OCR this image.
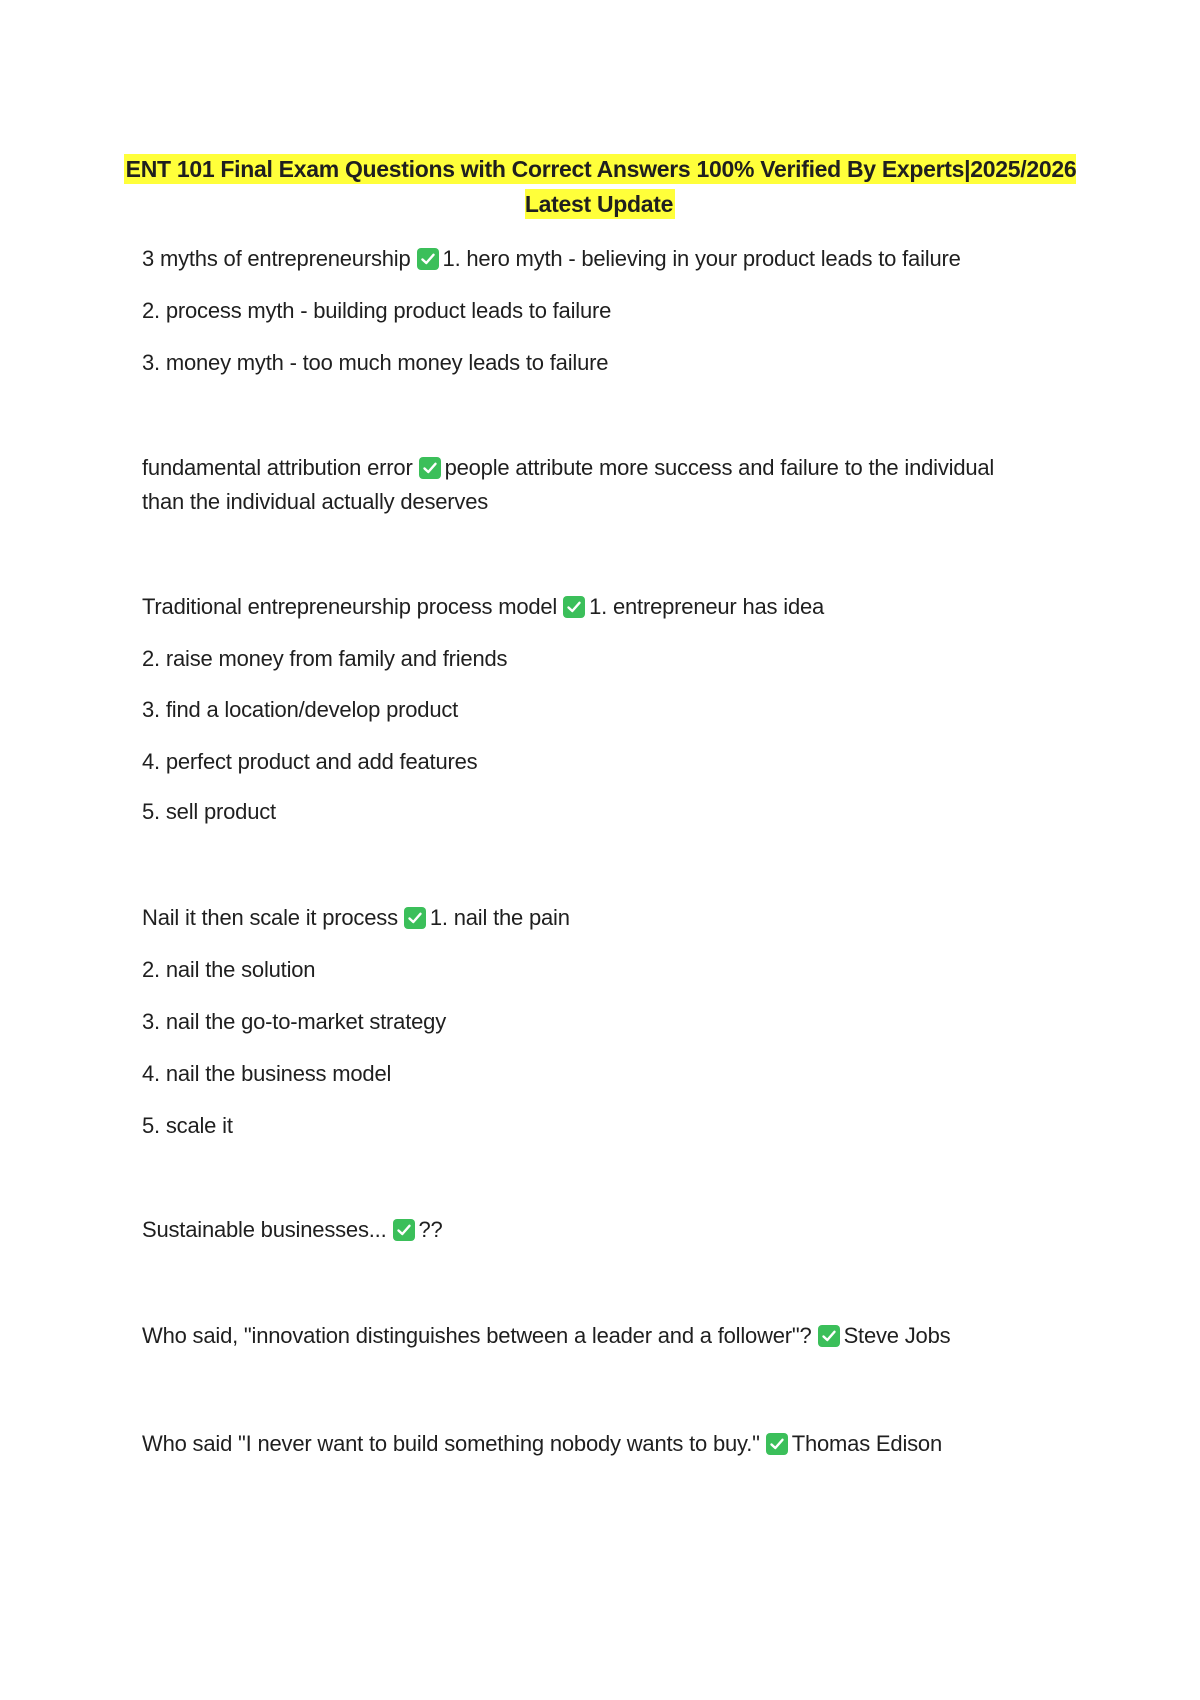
ENT 101 Final Exam Questions with Correct Answers 100% Verified By Experts|2025/2026 Latest Update
3 myths of entrepreneurship 1. hero myth - believing in your product leads to failure
2. process myth - building product leads to failure
3. money myth - too much money leads to failure
fundamental attribution error people attribute more success and failure to the individual than the individual actually deserves
Traditional entrepreneurship process model 1. entrepreneur has idea
2. raise money from family and friends
3. find a location/develop product
4. perfect product and add features
5. sell product
Nail it then scale it process 1. nail the pain
2. nail the solution
3. nail the go-to-market strategy
4. nail the business model
5. scale it
Sustainable businesses... ??
Who said, "innovation distinguishes between a leader and a follower"? Steve Jobs
Who said "I never want to build something nobody wants to buy." Thomas Edison
